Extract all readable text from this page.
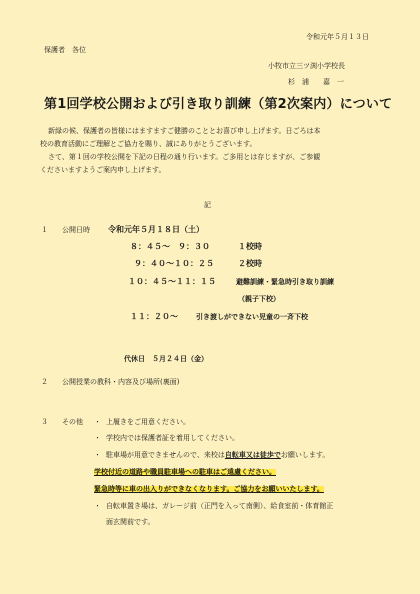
令和元年５月１３日
保護者　各位
小牧市立三ツ渕小学校長
杉　浦　　嘉　一
第1回学校公開および引き取り訓練（第2次案内）について
新緑の候、保護者の皆様にはますますご健勝のこととお喜び申し上げます。日ごろは本
校の教育活動にご理解とご協力を賜り、誠にありがとうございます。
さて、第１回の学校公開を下記の日程の通り行います。ご多用とは存じますが、ご参観
くださいますようご案内申し上げます。
記
１ 公開日時 令和元年５月１８日（土）
８：４５～　９：３０	１校時
９：４０～１０：２５	２校時
１０：４５～１１：１５	避難訓練・緊急時引き取り訓練
（親子下校）
１１：２０～	引き渡しができない児童の一斉下校
代休日　５月２４日（金）
２ 公開授業の教科・内容及び場所(裏面)
３ その他 ・ 上履きをご用意ください。
・ 学校内では保護者証を着用してください。
・ 駐車場が用意できませんので、来校は自転車又は徒歩でお願いします。
学校付近の道路や職員駐車場への駐車はご遠慮ください。
緊急時等に車の出入りができなくなります。ご協力をお願いいたします。
・ 自転車置き場は、ガレージ前（正門を入って南側）、給食室前・体育館正
面玄関前です。
